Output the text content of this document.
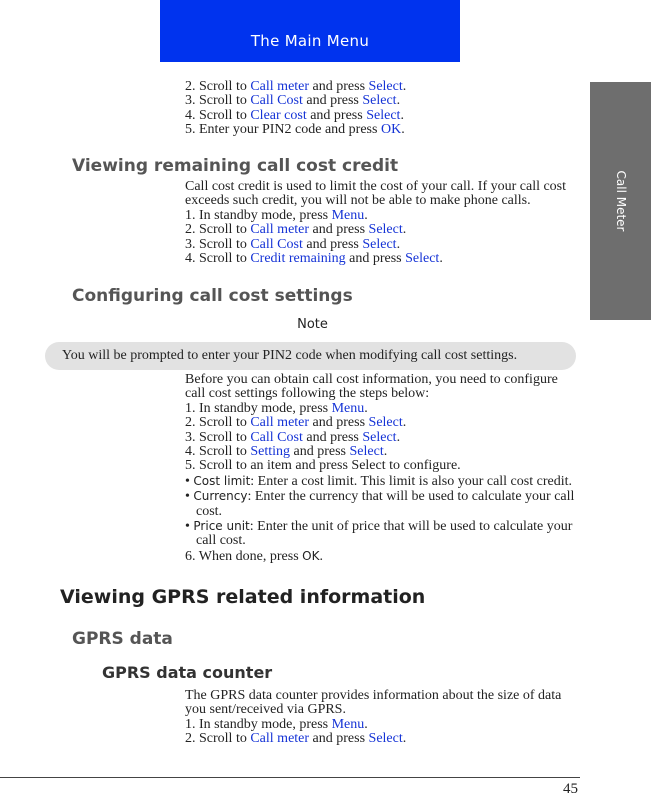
The Main Menu
Call Meter

2. Scroll to Call meter and press Select.

3. Scroll to Call Cost and press Select.

4. Scroll to Clear cost and press Select.

5. Enter your PIN2 code and press OK.

Viewing remaining call cost credit

Call cost credit is used to limit the cost of your call. If your call cost exceeds such credit, you will not be able to make phone calls.

1. In standby mode, press Menu.

2. Scroll to Call meter and press Select.

3. Scroll to Call Cost and press Select.

4. Scroll to Credit remaining and press Select.

Configuring call cost settings
Note
You will be prompted to enter your PIN2 code when modifying call cost settings.

Before you can obtain call cost information, you need to configure call cost settings following the steps below:

1. In standby mode, press Menu.

2. Scroll to Call meter and press Select.

3. Scroll to Call Cost and press Select.

4. Scroll to Setting and press Select.

5. Scroll to an item and press Select to configure.

• Cost limit: Enter a cost limit. This limit is also your call cost credit.

• Currency: Enter the currency that will be used to calculate your call cost.

• Price unit: Enter the unit of price that will be used to calculate your call cost.

6. When done, press OK.

Viewing GPRS related information
GPRS data
GPRS data counter

The GPRS data counter provides information about the size of data you sent/received via GPRS.

1. In standby mode, press Menu.

2. Scroll to Call meter and press Select.

45
